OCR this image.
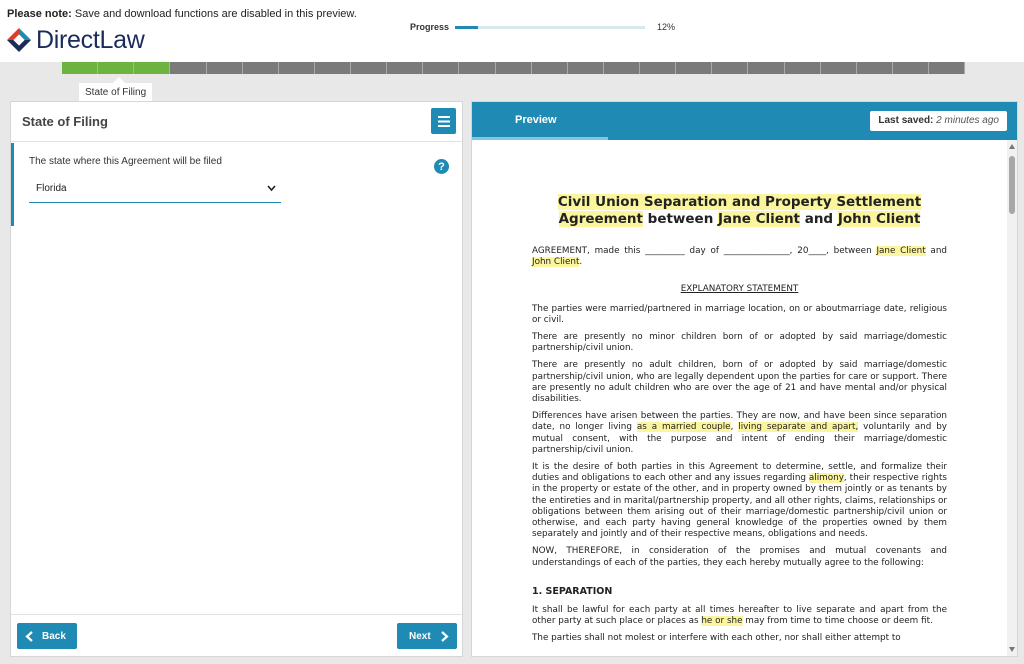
Please note: Save and download functions are disabled in this preview.
DirectLaw	Progress	12%
State of Filing
State of Filing
The state where this Agreement will be filed	?
Florida
Back	Next
Preview	Last saved: 2 minutes ago
Civil Union Separation and Property Settlement
Agreement between Jane Client and John Client

AGREEMENT, made this _________ day of _______________, 20____, between Jane Client and John Client.

EXPLANATORY STATEMENT

The parties were married/partnered in marriage location, on or aboutmarriage date, religious or civil.

There are presently no minor children born of or adopted by said marriage/domestic partnership/civil union.

There are presently no adult children, born of or adopted by said marriage/domestic partnership/civil union, who are legally dependent upon the parties for care or support. There are presently no adult children who are over the age of 21 and have mental and/or physical disabilities.

Differences have arisen between the parties. They are now, and have been since separation date, no longer living as a married couple, living separate and apart, voluntarily and by mutual consent, with the purpose and intent of ending their marriage/domestic partnership/civil union.

It is the desire of both parties in this Agreement to determine, settle, and formalize their duties and obligations to each other and any issues regarding alimony, their respective rights in the property or estate of the other, and in property owned by them jointly or as tenants by the entireties and in marital/partnership property, and all other rights, claims, relationships or obligations between them arising out of their marriage/domestic partnership/civil union or otherwise, and each party having general knowledge of the properties owned by them separately and jointly and of their respective means, obligations and needs.

NOW, THEREFORE, in consideration of the promises and mutual covenants and understandings of each of the parties, they each hereby mutually agree to the following:

1. SEPARATION

It shall be lawful for each party at all times hereafter to live separate and apart from the other party at such place or places as he or she may from time to time choose or deem fit.

The parties shall not molest or interfere with each other, nor shall either attempt to
